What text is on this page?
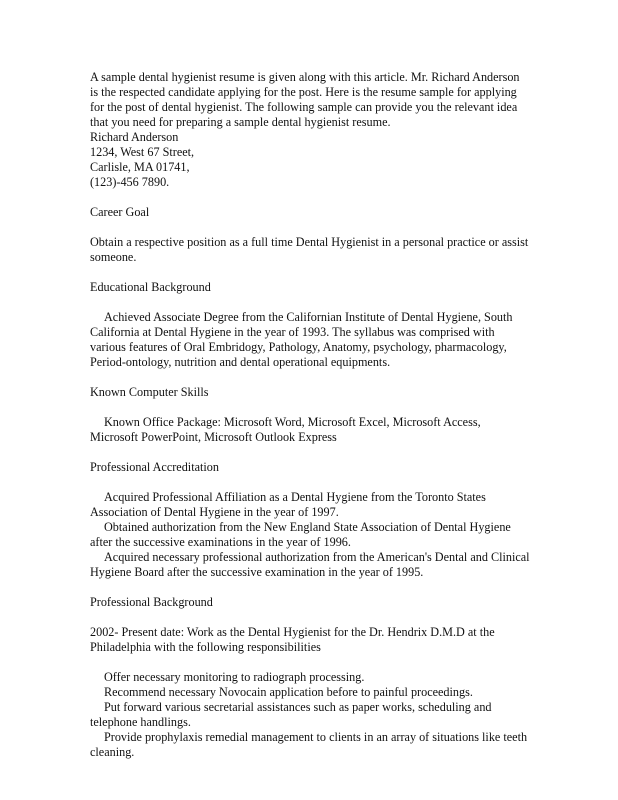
A sample dental hygienist resume is given along with this article. Mr. Richard Anderson

is the respected candidate applying for the post. Here is the resume sample for applying

for the post of dental hygienist. The following sample can provide you the relevant idea

that you need for preparing a sample dental hygienist resume.

Richard Anderson

1234, West 67 Street,

Carlisle, MA 01741,

(123)-456 7890.

Career Goal

Obtain a respective position as a full time Dental Hygienist in a personal practice or assist someone.

Educational Background

Achieved Associate Degree from the Californian Institute of Dental Hygiene, South California at Dental Hygiene in the year of 1993. The syllabus was comprised with various features of Oral Embridogy, Pathology, Anatomy, psychology, pharmacology, Period-ontology, nutrition and dental operational equipments.

Known Computer Skills

Known Office Package: Microsoft Word, Microsoft Excel, Microsoft Access, Microsoft PowerPoint, Microsoft Outlook Express

Professional Accreditation

Acquired Professional Affiliation as a Dental Hygiene from the Toronto States Association of Dental Hygiene in the year of 1997.

Obtained authorization from the New England State Association of Dental Hygiene after the successive examinations in the year of 1996.

Acquired necessary professional authorization from the American's Dental and Clinical Hygiene Board after the successive examination in the year of 1995.

Professional Background

2002- Present date: Work as the Dental Hygienist for the Dr. Hendrix D.M.D at the Philadelphia with the following responsibilities

Offer necessary monitoring to radiograph processing.

Recommend necessary Novocain application before to painful proceedings.

Put forward various secretarial assistances such as paper works, scheduling and telephone handlings.

Provide prophylaxis remedial management to clients in an array of situations like teeth cleaning.
